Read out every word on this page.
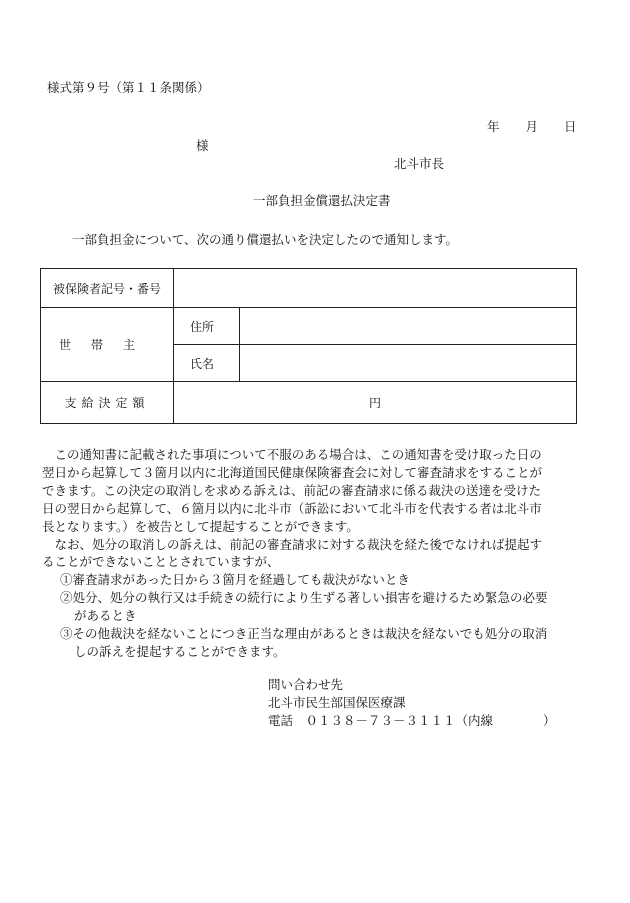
様式第９号（第１１条関係）
年 月 日
様
北斗市長
一部負担金償還払決定書
一部負担金について、次の通り償還払いを決定したので通知します。
被保険者記号・番号		
世帯主	住所	
	氏名	
支給決定額	円	

この通知書に記載された事項について不服のある場合は、この通知書を受け取った日の

翌日から起算して３箇月以内に北海道国民健康保険審査会に対して審査請求をすることが

できます。この決定の取消しを求める訴えは、前記の審査請求に係る裁決の送達を受けた

日の翌日から起算して、６箇月以内に北斗市（訴訟において北斗市を代表する者は北斗市

長となります。）を被告として提起することができます。

なお、処分の取消しの訴えは、前記の審査請求に対する裁決を経た後でなければ提起す

ることができないこととされていますが、

①審査請求があった日から３箇月を経過しても裁決がないとき

②処分、処分の執行又は手続きの続行により生ずる著しい損害を避けるため緊急の必要

があるとき

③その他裁決を経ないことにつき正当な理由があるときは裁決を経ないでも処分の取消

しの訴えを提起することができます。

問い合わせ先
北斗市民生部国保医療課
電話　０１３８－７３－３１１１（内線　　　　）
